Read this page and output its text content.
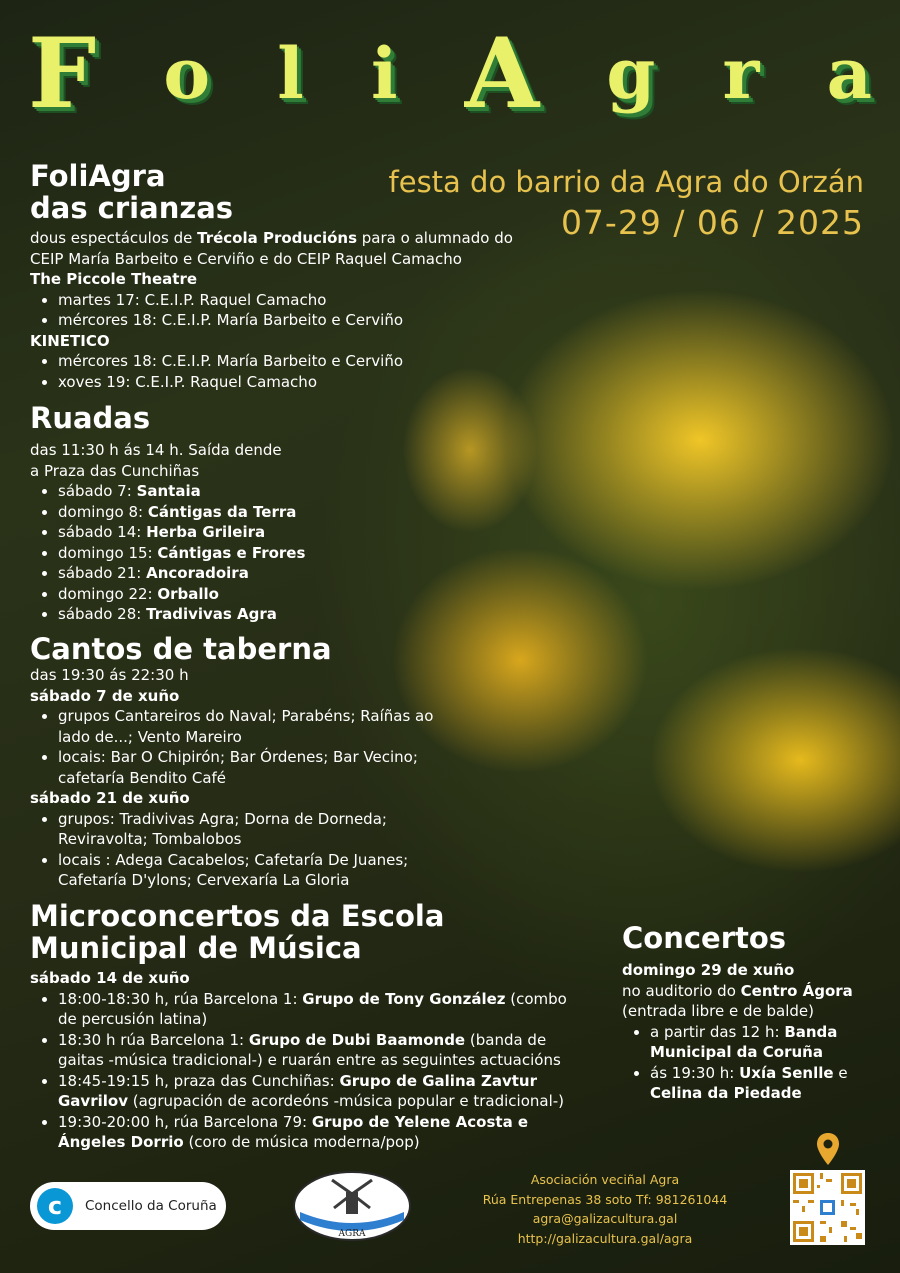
F o l i A g r a
festa do barrio da Agra do Orzán
07-29 / 06 / 2025
FoliAgra
das crianzas
dous espectáculos de Trécola Producións para o alumnado do
CEIP María Barbeito e Cerviño e do CEIP Raquel Camacho
The Piccole Theatre
• martes 17: C.E.I.P. Raquel Camacho
• mércores 18: C.E.I.P. María Barbeito e Cerviño
KINETICO
• mércores 18: C.E.I.P. María Barbeito e Cerviño
• xoves 19: C.E.I.P. Raquel Camacho
Ruadas
das 11:30 h ás 14 h. Saída dende
a Praza das Cunchiñas
• sábado 7: Santaia
• domingo 8: Cántigas da Terra
• sábado 14: Herba Grileira
• domingo 15: Cántigas e Frores
• sábado 21: Ancoradoira
• domingo 22: Orballo
• sábado 28: Tradivivas Agra
Cantos de taberna
das 19:30 ás 22:30 h
sábado 7 de xuño
• grupos Cantareiros do Naval; Parabéns; Raíñas ao lado de...; Vento Mareiro
• locais: Bar O Chipirón; Bar Órdenes; Bar Vecino; cafetaría Bendito Café
sábado 21 de xuño
• grupos: Tradivivas Agra; Dorna de Dorneda; Reviravolta; Tombalobos
• locais : Adega Cacabelos; Cafetaría De Juanes; Cafetaría D'ylons; Cervexaría La Gloria
Microconcertos da Escola
Municipal de Música
sábado 14 de xuño
• 18:00-18:30 h, rúa Barcelona 1: Grupo de Tony González (combo de percusión latina)
• 18:30 h rúa Barcelona 1: Grupo de Dubi Baamonde (banda de gaitas -música tradicional-) e ruarán entre as seguintes actuacións
• 18:45-19:15 h, praza das Cunchiñas: Grupo de Galina Zavtur Gavrilov (agrupación de acordeóns -música popular e tradicional-)
• 19:30-20:00 h, rúa Barcelona 79: Grupo de Yelene Acosta e Ángeles Dorrio (coro de música moderna/pop)
Concertos
domingo 29 de xuño
no auditorio do Centro Ágora
(entrada libre e de balde)
• a partir das 12 h: Banda Municipal da Coruña
• ás 19:30 h: Uxía Senlle e Celina da Piedade
c	Concello da Coruña
AGRA
Asociación veciñal Agra
Rúa Entrepenas 38 soto Tf: 981261044
agra@galizacultura.gal
http://galizacultura.gal/agra
